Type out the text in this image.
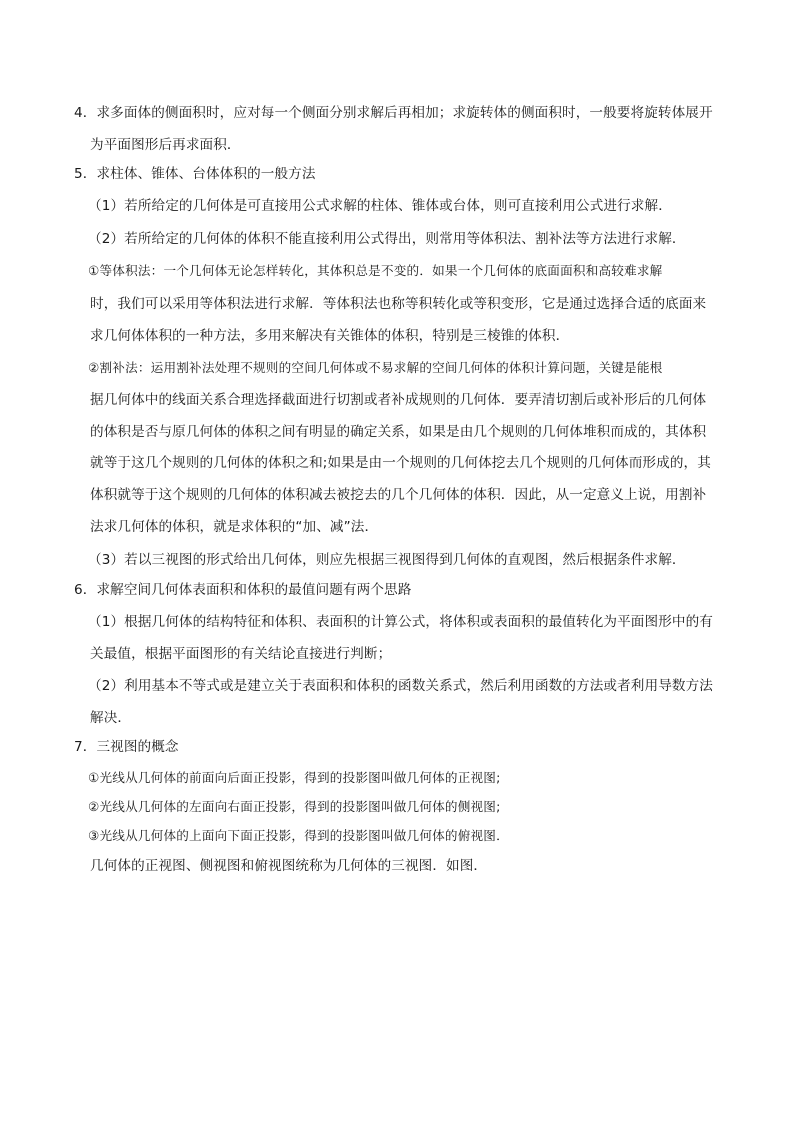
4．求多面体的侧面积时，应对每一个侧面分别求解后再相加；求旋转体的侧面积时，一般要将旋转体展开
为平面图形后再求面积．
5．求柱体、锥体、台体体积的一般方法
（1）若所给定的几何体是可直接用公式求解的柱体、锥体或台体，则可直接利用公式进行求解．
（2）若所给定的几何体的体积不能直接利用公式得出，则常用等体积法、割补法等方法进行求解．
①等体积法：一个几何体无论怎样转化，其体积总是不变的．如果一个几何体的底面面积和高较难求解
时，我们可以采用等体积法进行求解．等体积法也称等积转化或等积变形，它是通过选择合适的底面来
求几何体体积的一种方法，多用来解决有关锥体的体积，特别是三棱锥的体积．
②割补法：运用割补法处理不规则的空间几何体或不易求解的空间几何体的体积计算问题，关键是能根
据几何体中的线面关系合理选择截面进行切割或者补成规则的几何体．要弄清切割后或补形后的几何体
的体积是否与原几何体的体积之间有明显的确定关系，如果是由几个规则的几何体堆积而成的，其体积
就等于这几个规则的几何体的体积之和;如果是由一个规则的几何体挖去几个规则的几何体而形成的，其
体积就等于这个规则的几何体的体积减去被挖去的几个几何体的体积．因此，从一定意义上说，用割补
法求几何体的体积，就是求体积的“加、减”法．
（3）若以三视图的形式给出几何体，则应先根据三视图得到几何体的直观图，然后根据条件求解．
6．求解空间几何体表面积和体积的最值问题有两个思路
（1）根据几何体的结构特征和体积、表面积的计算公式，将体积或表面积的最值转化为平面图形中的有
关最值，根据平面图形的有关结论直接进行判断；
（2）利用基本不等式或是建立关于表面积和体积的函数关系式，然后利用函数的方法或者利用导数方法
解决．
7．三视图的概念
①光线从几何体的前面向后面正投影，得到的投影图叫做几何体的正视图;
②光线从几何体的左面向右面正投影，得到的投影图叫做几何体的侧视图;
③光线从几何体的上面向下面正投影，得到的投影图叫做几何体的俯视图．
几何体的正视图、侧视图和俯视图统称为几何体的三视图．如图．
